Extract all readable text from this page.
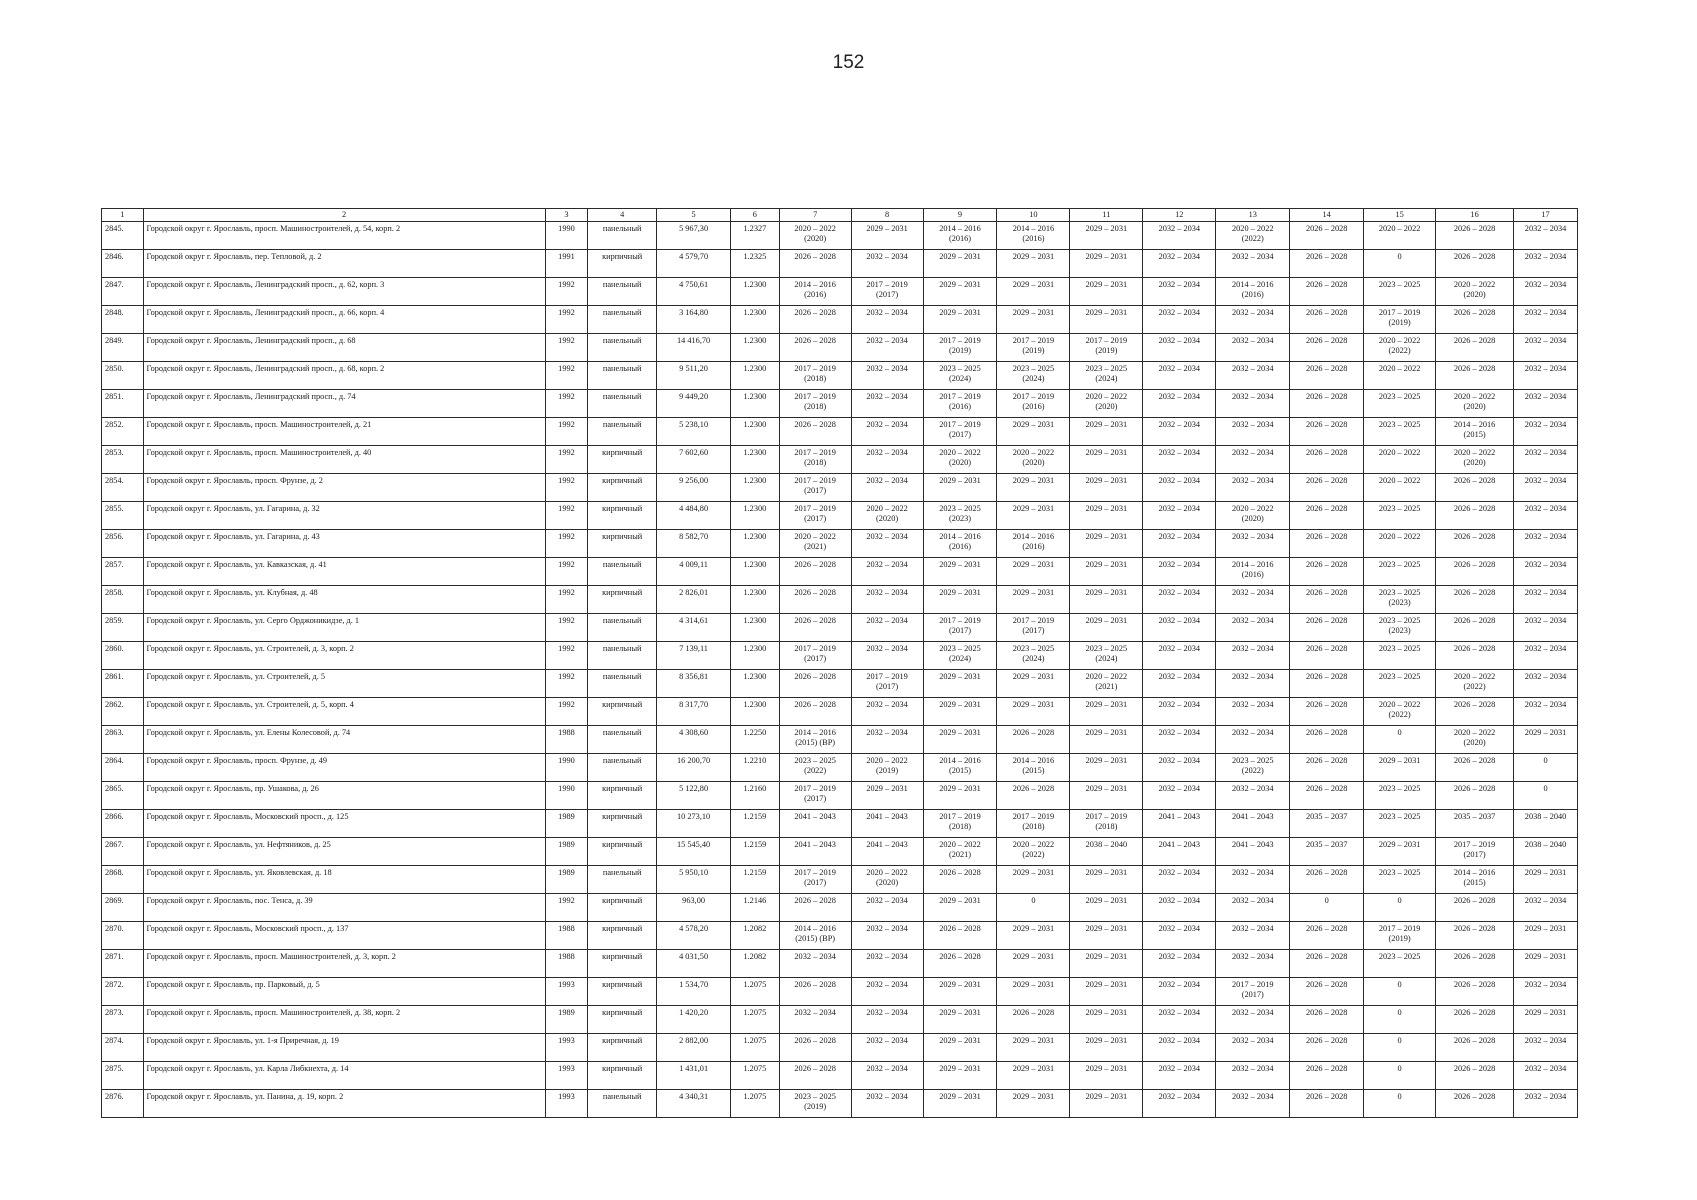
152
1	2	3	4	5	6	7	8	9	10	11	12	13	14	15	16	17
2845.	Городской округ г. Ярославль, просп. Машиностроителей, д. 54, корп. 2	1990	панельный	5 967,30	1.2327	2020 – 2022
(2020)	2029 – 2031	2014 – 2016
(2016)	2014 – 2016
(2016)	2029 – 2031	2032 – 2034	2020 – 2022
(2022)	2026 – 2028	2020 – 2022	2026 – 2028	2032 – 2034
2846.	Городской округ г. Ярославль, пер. Тепловой, д. 2	1991	кирпичный	4 579,70	1.2325	2026 – 2028	2032 – 2034	2029 – 2031	2029 – 2031	2029 – 2031	2032 – 2034	2032 – 2034	2026 – 2028	0	2026 – 2028	2032 – 2034
2847.	Городской округ г. Ярославль, Ленинградский просп., д. 62, корп. 3	1992	панельный	4 750,61	1.2300	2014 – 2016
(2016)	2017 – 2019
(2017)	2029 – 2031	2029 – 2031	2029 – 2031	2032 – 2034	2014 – 2016
(2016)	2026 – 2028	2023 – 2025	2020 – 2022
(2020)	2032 – 2034
2848.	Городской округ г. Ярославль, Ленинградский просп., д. 66, корп. 4	1992	панельный	3 164,80	1.2300	2026 – 2028	2032 – 2034	2029 – 2031	2029 – 2031	2029 – 2031	2032 – 2034	2032 – 2034	2026 – 2028	2017 – 2019
(2019)	2026 – 2028	2032 – 2034
2849.	Городской округ г. Ярославль, Ленинградский просп., д. 68	1992	панельный	14 416,70	1.2300	2026 – 2028	2032 – 2034	2017 – 2019
(2019)	2017 – 2019
(2019)	2017 – 2019
(2019)	2032 – 2034	2032 – 2034	2026 – 2028	2020 – 2022
(2022)	2026 – 2028	2032 – 2034
2850.	Городской округ г. Ярославль, Ленинградский просп., д. 68, корп. 2	1992	панельный	9 511,20	1.2300	2017 – 2019
(2018)	2032 – 2034	2023 – 2025
(2024)	2023 – 2025
(2024)	2023 – 2025
(2024)	2032 – 2034	2032 – 2034	2026 – 2028	2020 – 2022	2026 – 2028	2032 – 2034
2851.	Городской округ г. Ярославль, Ленинградский просп., д. 74	1992	панельный	9 449,20	1.2300	2017 – 2019
(2018)	2032 – 2034	2017 – 2019
(2016)	2017 – 2019
(2016)	2020 – 2022
(2020)	2032 – 2034	2032 – 2034	2026 – 2028	2023 – 2025	2020 – 2022
(2020)	2032 – 2034
2852.	Городской округ г. Ярославль, просп. Машиностроителей, д. 21	1992	панельный	5 238,10	1.2300	2026 – 2028	2032 – 2034	2017 – 2019
(2017)	2029 – 2031	2029 – 2031	2032 – 2034	2032 – 2034	2026 – 2028	2023 – 2025	2014 – 2016
(2015)	2032 – 2034
2853.	Городской округ г. Ярославль, просп. Машиностроителей, д. 40	1992	кирпичный	7 602,60	1.2300	2017 – 2019
(2018)	2032 – 2034	2020 – 2022
(2020)	2020 – 2022
(2020)	2029 – 2031	2032 – 2034	2032 – 2034	2026 – 2028	2020 – 2022	2020 – 2022
(2020)	2032 – 2034
2854.	Городской округ г. Ярославль, просп. Фрунзе, д. 2	1992	кирпичный	9 256,00	1.2300	2017 – 2019
(2017)	2032 – 2034	2029 – 2031	2029 – 2031	2029 – 2031	2032 – 2034	2032 – 2034	2026 – 2028	2020 – 2022	2026 – 2028	2032 – 2034
2855.	Городской округ г. Ярославль, ул. Гагарина, д. 32	1992	кирпичный	4 484,80	1.2300	2017 – 2019
(2017)	2020 – 2022
(2020)	2023 – 2025
(2023)	2029 – 2031	2029 – 2031	2032 – 2034	2020 – 2022
(2020)	2026 – 2028	2023 – 2025	2026 – 2028	2032 – 2034
2856.	Городской округ г. Ярославль, ул. Гагарина, д. 43	1992	кирпичный	8 582,70	1.2300	2020 – 2022
(2021)	2032 – 2034	2014 – 2016
(2016)	2014 – 2016
(2016)	2029 – 2031	2032 – 2034	2032 – 2034	2026 – 2028	2020 – 2022	2026 – 2028	2032 – 2034
2857.	Городской округ г. Ярославль, ул. Кавказская, д. 41	1992	панельный	4 009,11	1.2300	2026 – 2028	2032 – 2034	2029 – 2031	2029 – 2031	2029 – 2031	2032 – 2034	2014 – 2016
(2016)	2026 – 2028	2023 – 2025	2026 – 2028	2032 – 2034
2858.	Городской округ г. Ярославль, ул. Клубная, д. 48	1992	кирпичный	2 826,01	1.2300	2026 – 2028	2032 – 2034	2029 – 2031	2029 – 2031	2029 – 2031	2032 – 2034	2032 – 2034	2026 – 2028	2023 – 2025
(2023)	2026 – 2028	2032 – 2034
2859.	Городской округ г. Ярославль, ул. Серго Орджоникидзе, д. 1	1992	панельный	4 314,61	1.2300	2026 – 2028	2032 – 2034	2017 – 2019
(2017)	2017 – 2019
(2017)	2029 – 2031	2032 – 2034	2032 – 2034	2026 – 2028	2023 – 2025
(2023)	2026 – 2028	2032 – 2034
2860.	Городской округ г. Ярославль, ул. Строителей, д. 3, корп. 2	1992	панельный	7 139,11	1.2300	2017 – 2019
(2017)	2032 – 2034	2023 – 2025
(2024)	2023 – 2025
(2024)	2023 – 2025
(2024)	2032 – 2034	2032 – 2034	2026 – 2028	2023 – 2025	2026 – 2028	2032 – 2034
2861.	Городской округ г. Ярославль, ул. Строителей, д. 5	1992	панельный	8 356,81	1.2300	2026 – 2028	2017 – 2019
(2017)	2029 – 2031	2029 – 2031	2020 – 2022
(2021)	2032 – 2034	2032 – 2034	2026 – 2028	2023 – 2025	2020 – 2022
(2022)	2032 – 2034
2862.	Городской округ г. Ярославль, ул. Строителей, д. 5, корп. 4	1992	кирпичный	8 317,70	1.2300	2026 – 2028	2032 – 2034	2029 – 2031	2029 – 2031	2029 – 2031	2032 – 2034	2032 – 2034	2026 – 2028	2020 – 2022
(2022)	2026 – 2028	2032 – 2034
2863.	Городской округ г. Ярославль, ул. Елены Колесовой, д. 74	1988	панельный	4 308,60	1.2250	2014 – 2016
(2015) (ВР)	2032 – 2034	2029 – 2031	2026 – 2028	2029 – 2031	2032 – 2034	2032 – 2034	2026 – 2028	0	2020 – 2022
(2020)	2029 – 2031
2864.	Городской округ г. Ярославль, просп. Фрунзе, д. 49	1990	панельный	16 200,70	1.2210	2023 – 2025
(2022)	2020 – 2022
(2019)	2014 – 2016
(2015)	2014 – 2016
(2015)	2029 – 2031	2032 – 2034	2023 – 2025
(2022)	2026 – 2028	2029 – 2031	2026 – 2028	0
2865.	Городской округ г. Ярославль, пр. Ушакова, д. 26	1990	кирпичный	5 122,80	1.2160	2017 – 2019
(2017)	2029 – 2031	2029 – 2031	2026 – 2028	2029 – 2031	2032 – 2034	2032 – 2034	2026 – 2028	2023 – 2025	2026 – 2028	0
2866.	Городской округ г. Ярославль, Московский просп., д. 125	1989	кирпичный	10 273,10	1.2159	2041 – 2043	2041 – 2043	2017 – 2019
(2018)	2017 – 2019
(2018)	2017 – 2019
(2018)	2041 – 2043	2041 – 2043	2035 – 2037	2023 – 2025	2035 – 2037	2038 – 2040
2867.	Городской округ г. Ярославль, ул. Нефтяников, д. 25	1989	кирпичный	15 545,40	1.2159	2041 – 2043	2041 – 2043	2020 – 2022
(2021)	2020 – 2022
(2022)	2038 – 2040	2041 – 2043	2041 – 2043	2035 – 2037	2029 – 2031	2017 – 2019
(2017)	2038 – 2040
2868.	Городской округ г. Ярославль, ул. Яковлевская, д. 18	1989	панельный	5 950,10	1.2159	2017 – 2019
(2017)	2020 – 2022
(2020)	2026 – 2028	2029 – 2031	2029 – 2031	2032 – 2034	2032 – 2034	2026 – 2028	2023 – 2025	2014 – 2016
(2015)	2029 – 2031
2869.	Городской округ г. Ярославль, пос. Тенса, д. 39	1992	кирпичный	963,00	1.2146	2026 – 2028	2032 – 2034	2029 – 2031	0	2029 – 2031	2032 – 2034	2032 – 2034	0	0	2026 – 2028	2032 – 2034
2870.	Городской округ г. Ярославль, Московский просп., д. 137	1988	кирпичный	4 578,20	1.2082	2014 – 2016
(2015) (ВР)	2032 – 2034	2026 – 2028	2029 – 2031	2029 – 2031	2032 – 2034	2032 – 2034	2026 – 2028	2017 – 2019
(2019)	2026 – 2028	2029 – 2031
2871.	Городской округ г. Ярославль, просп. Машиностроителей, д. 3, корп. 2	1988	кирпичный	4 031,50	1.2082	2032 – 2034	2032 – 2034	2026 – 2028	2029 – 2031	2029 – 2031	2032 – 2034	2032 – 2034	2026 – 2028	2023 – 2025	2026 – 2028	2029 – 2031
2872.	Городской округ г. Ярославль, пр. Парковый, д. 5	1993	кирпичный	1 534,70	1.2075	2026 – 2028	2032 – 2034	2029 – 2031	2029 – 2031	2029 – 2031	2032 – 2034	2017 – 2019
(2017)	2026 – 2028	0	2026 – 2028	2032 – 2034
2873.	Городской округ г. Ярославль, просп. Машиностроителей, д. 38, корп. 2	1989	кирпичный	1 420,20	1.2075	2032 – 2034	2032 – 2034	2029 – 2031	2026 – 2028	2029 – 2031	2032 – 2034	2032 – 2034	2026 – 2028	0	2026 – 2028	2029 – 2031
2874.	Городской округ г. Ярославль, ул. 1-я Приречная, д. 19	1993	кирпичный	2 882,00	1.2075	2026 – 2028	2032 – 2034	2029 – 2031	2029 – 2031	2029 – 2031	2032 – 2034	2032 – 2034	2026 – 2028	0	2026 – 2028	2032 – 2034
2875.	Городской округ г. Ярославль, ул. Карла Либкнехта, д. 14	1993	кирпичный	1 431,01	1.2075	2026 – 2028	2032 – 2034	2029 – 2031	2029 – 2031	2029 – 2031	2032 – 2034	2032 – 2034	2026 – 2028	0	2026 – 2028	2032 – 2034
2876.	Городской округ г. Ярославль, ул. Панина, д. 19, корп. 2	1993	панельный	4 340,31	1.2075	2023 – 2025
(2019)	2032 – 2034	2029 – 2031	2029 – 2031	2029 – 2031	2032 – 2034	2032 – 2034	2026 – 2028	0	2026 – 2028	2032 – 2034
